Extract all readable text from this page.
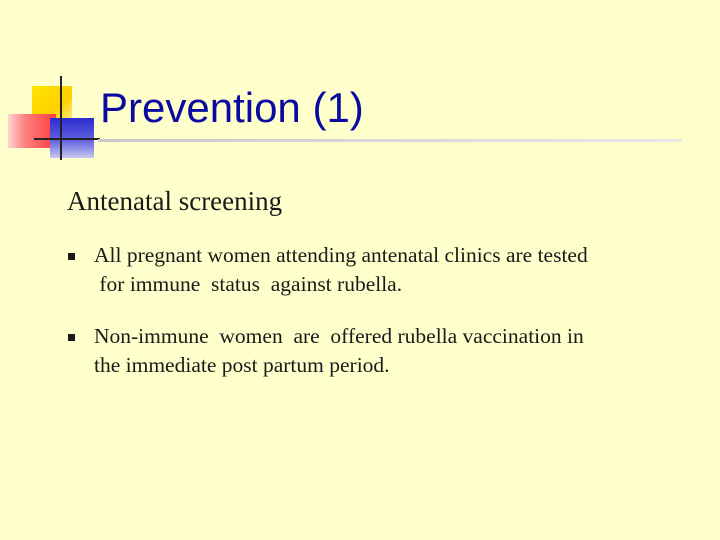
Prevention (1)
Antenatal screening
All pregnant women attending antenatal clinics are tested
for immune  status  against rubella.
Non-immune  women  are  offered rubella vaccination in
the immediate post partum period.
